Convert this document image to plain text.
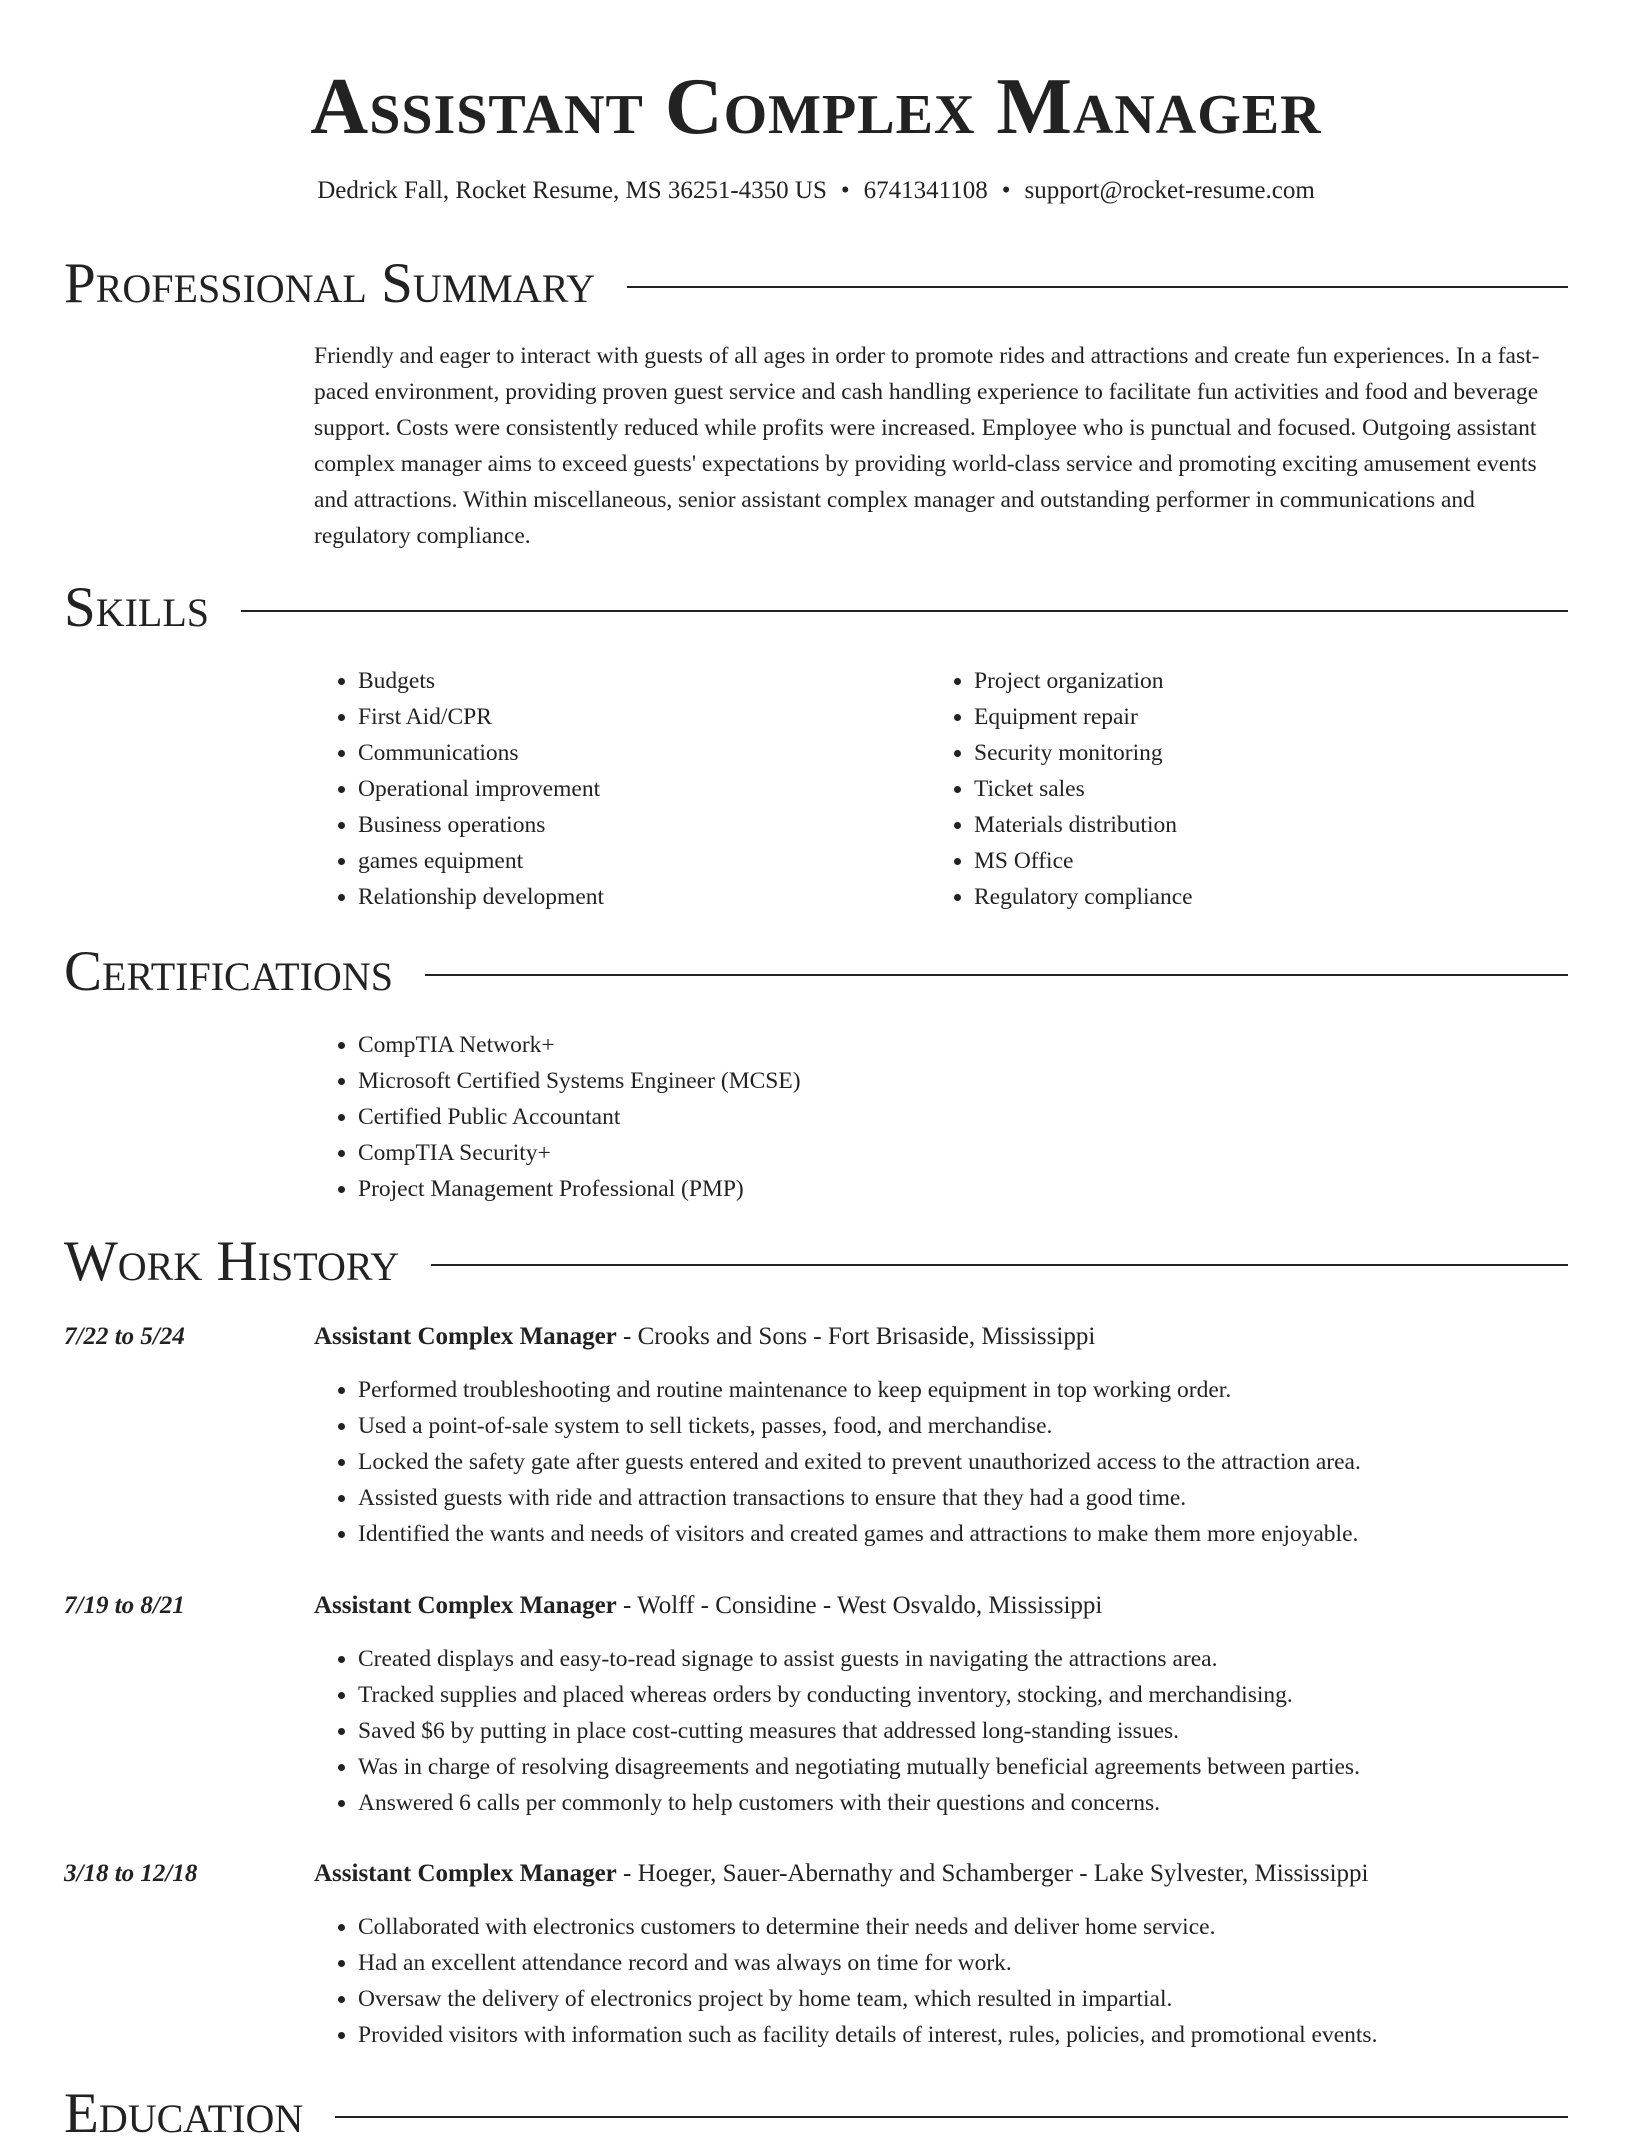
Assistant Complex Manager
Dedrick Fall, Rocket Resume, MS 36251-4350 US • 6741341108 • support@rocket-resume.com
Professional Summary

Friendly and eager to interact with guests of all ages in order to promote rides and attractions and create fun experiences. In a fast-paced environment, providing proven guest service and cash handling experience to facilitate fun activities and food and beverage support. Costs were consistently reduced while profits were increased. Employee who is punctual and focused. Outgoing assistant complex manager aims to exceed guests' expectations by providing world-class service and promoting exciting amusement events and attractions. Within miscellaneous, senior assistant complex manager and outstanding performer in communications and regulatory compliance.

Skills
• Budgets
• First Aid/CPR
• Communications
• Operational improvement
• Business operations
• games equipment
• Relationship development
• Project organization
• Equipment repair
• Security monitoring
• Ticket sales
• Materials distribution
• MS Office
• Regulatory compliance
Certifications
• CompTIA Network+
• Microsoft Certified Systems Engineer (MCSE)
• Certified Public Accountant
• CompTIA Security+
• Project Management Professional (PMP)
Work History
7/22 to 5/24	Assistant Complex Manager - Crooks and Sons - Fort Brisaside, Mississippi
• Performed troubleshooting and routine maintenance to keep equipment in top working order.
• Used a point-of-sale system to sell tickets, passes, food, and merchandise.
• Locked the safety gate after guests entered and exited to prevent unauthorized access to the attraction area.
• Assisted guests with ride and attraction transactions to ensure that they had a good time.
• Identified the wants and needs of visitors and created games and attractions to make them more enjoyable.
7/19 to 8/21	Assistant Complex Manager - Wolff - Considine - West Osvaldo, Mississippi
• Created displays and easy-to-read signage to assist guests in navigating the attractions area.
• Tracked supplies and placed whereas orders by conducting inventory, stocking, and merchandising.
• Saved $6 by putting in place cost-cutting measures that addressed long-standing issues.
• Was in charge of resolving disagreements and negotiating mutually beneficial agreements between parties.
• Answered 6 calls per commonly to help customers with their questions and concerns.
3/18 to 12/18	Assistant Complex Manager - Hoeger, Sauer-Abernathy and Schamberger - Lake Sylvester, Mississippi
• Collaborated with electronics customers to determine their needs and deliver home service.
• Had an excellent attendance record and was always on time for work.
• Oversaw the delivery of electronics project by home team, which resulted in impartial.
• Provided visitors with information such as facility details of interest, rules, policies, and promotional events.
Education
